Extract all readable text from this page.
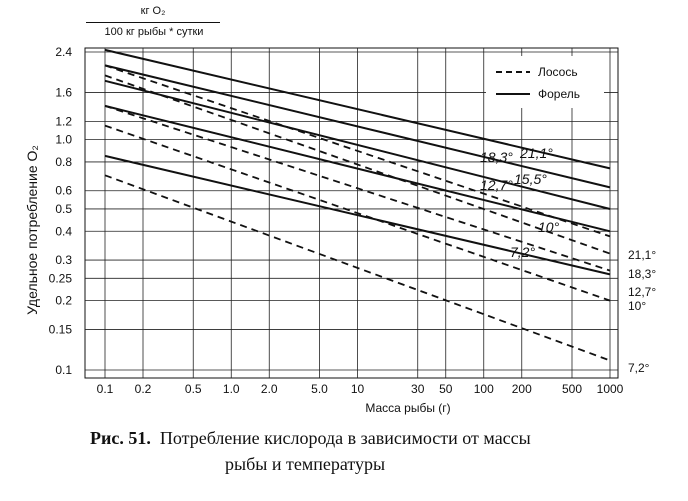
кг O₂
100 кг рыбы * сутки
0.1 0.2	0.5 1.0 2.0	5.0 10	30 50 100 200	500 1000
0.1
0.15
0.2
0.25
0.3
0.4
0.5
0.6
0.8
1.0
1.2
1.6
2.4
Лосось
Форель
21,1°
18,3°
15,5°
12,7°
10°
7,2°	21,1°
18,3°
12,7°
10°
7,2°
Удельное потребление O₂
Масса рыбы (г)
Рис. 51. Потребление кислорода в зависимости от массы
рыбы и температуры
